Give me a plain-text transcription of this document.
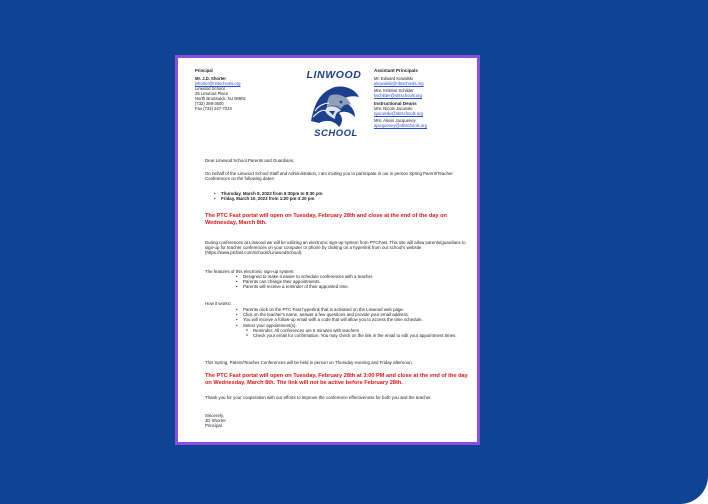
Principal
Mr. J.D. Shorter
jshorter@nbtschools.org
Linwood School
25 Linwood Place
North Brunswick, NJ 08902
(732) 289-3600
Fax (732) 247-7033
LINWOOD
SCHOOL
Assistant Principals
Mr. Edward Kowalski
ekowalski@nbtschools.org
Mrs. Kristine Schilder
kschilder@nbtschools.org
Instructional Deans
Mrs. Nicole Jacunski
njacunski@nbtschools.org
Mrs. Alexis Jacqueney
ajacqueney@nbtschools.org
Dear Linwood School Parents and Guardians,
On behalf of the Linwood School Staff and Administration, I am inviting you to participate in our in person Spring Parent/Teacher Conferences on the following dates:
• Thursday, March 9, 2023 from 6:30pm to 8:30 pm
• Friday, March 10, 2023 from 1:20 pm-3:20 pm
The PTC Fast portal will open on Tuesday, February 28th and close at the end of the day on Wednesday, March 8th.
During conferences at Linwood we will be utilizing an electronic sign-up system from PTCFast. This site will allow parents/guardians to sign-up for teacher conferences on your computer or phone by clicking on a hyperlink from our school's website (https://www.ptcfast.com/schools/LinwoodSchool).
The features of this electronic sign-up system:
• Designed to make it easier to schedule conferences with a teacher.
• Parents can change their appointments.
• Parents will receive a reminder of their appointed time.
How it works:
• Parents click on the PTC Fast hyperlink that is activated on the Linwood web page.
• Click on the teacher's name, answer a few questions and provide your email address.
• You will receive a follow-up email with a code that will allow you to access the time schedule.
• Select your appointment(s).
o Reminder: All conferences are 5 minutes with teachers
o Check your email for confirmation. You may check on the link in the email to edit your appointment times.
This Spring, Parent/Teacher Conferences will be held in person on Thursday evening and Friday afternoon.
The PTC Fast portal will open on Tuesday, February 28th at 3:00 PM and close at the end of the day on Wednesday, March 8th. The link will not be active before February 28th.
Thank you for your cooperation with our efforts to improve the conference effectiveness for both you and the teacher.
Sincerely,
JD Shorter
Principal
